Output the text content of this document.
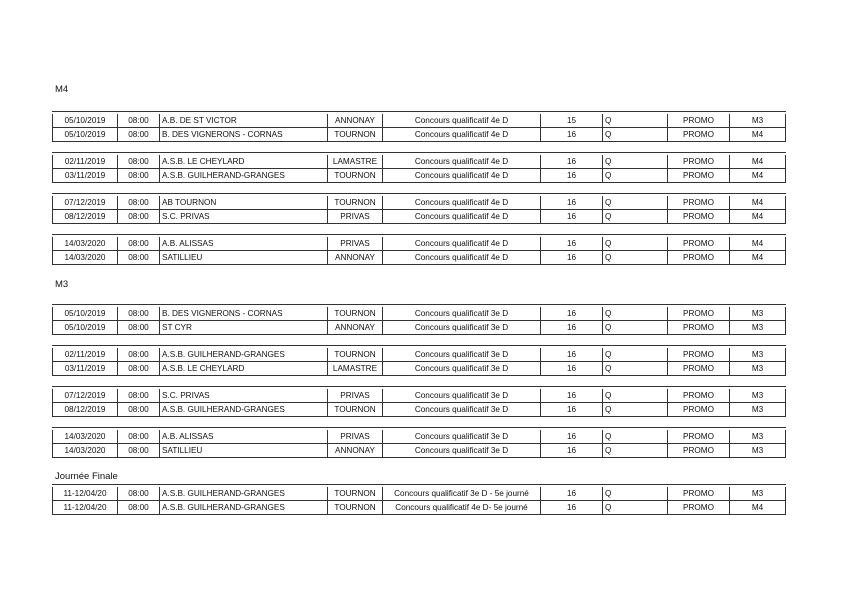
M4
M3
Journée Finale
05/10/2019	08:00	A.B. DE ST VICTOR	ANNONAY	Concours qualificatif 4e D	15	Q	PROMO	M3
05/10/2019	08:00	B. DES VIGNERONS - CORNAS	TOURNON	Concours qualificatif 4e D	16	Q	PROMO	M4
02/11/2019	08:00	A.S.B. LE CHEYLARD	LAMASTRE	Concours qualificatif 4e D	16	Q	PROMO	M4
03/11/2019	08:00	A.S.B. GUILHERAND-GRANGES	TOURNON	Concours qualificatif 4e D	16	Q	PROMO	M4
07/12/2019	08:00	AB TOURNON	TOURNON	Concours qualificatif 4e D	16	Q	PROMO	M4
08/12/2019	08:00	S.C. PRIVAS	PRIVAS	Concours qualificatif 4e D	16	Q	PROMO	M4
14/03/2020	08:00	A.B. ALISSAS	PRIVAS	Concours qualificatif 4e D	16	Q	PROMO	M4
14/03/2020	08:00	SATILLIEU	ANNONAY	Concours qualificatif 4e D	16	Q	PROMO	M4
05/10/2019	08:00	B. DES VIGNERONS - CORNAS	TOURNON	Concours qualificatif 3e D	16	Q	PROMO	M3
05/10/2019	08:00	ST CYR	ANNONAY	Concours qualificatif 3e D	16	Q	PROMO	M3
02/11/2019	08:00	A.S.B. GUILHERAND-GRANGES	TOURNON	Concours qualificatif 3e D	16	Q	PROMO	M3
03/11/2019	08:00	A.S.B. LE CHEYLARD	LAMASTRE	Concours qualificatif 3e D	16	Q	PROMO	M3
07/12/2019	08:00	S.C. PRIVAS	PRIVAS	Concours qualificatif 3e D	16	Q	PROMO	M3
08/12/2019	08:00	A.S.B. GUILHERAND-GRANGES	TOURNON	Concours qualificatif 3e D	16	Q	PROMO	M3
14/03/2020	08:00	A.B. ALISSAS	PRIVAS	Concours qualificatif 3e D	16	Q	PROMO	M3
14/03/2020	08:00	SATILLIEU	ANNONAY	Concours qualificatif 3e D	16	Q	PROMO	M3
11-12/04/20	08:00	A.S.B. GUILHERAND-GRANGES	TOURNON	Concours qualificatif 3e D - 5e journé	16	Q	PROMO	M3
11-12/04/20	08:00	A.S.B. GUILHERAND-GRANGES	TOURNON	Concours qualificatif 4e D- 5e journé	16	Q	PROMO	M4
